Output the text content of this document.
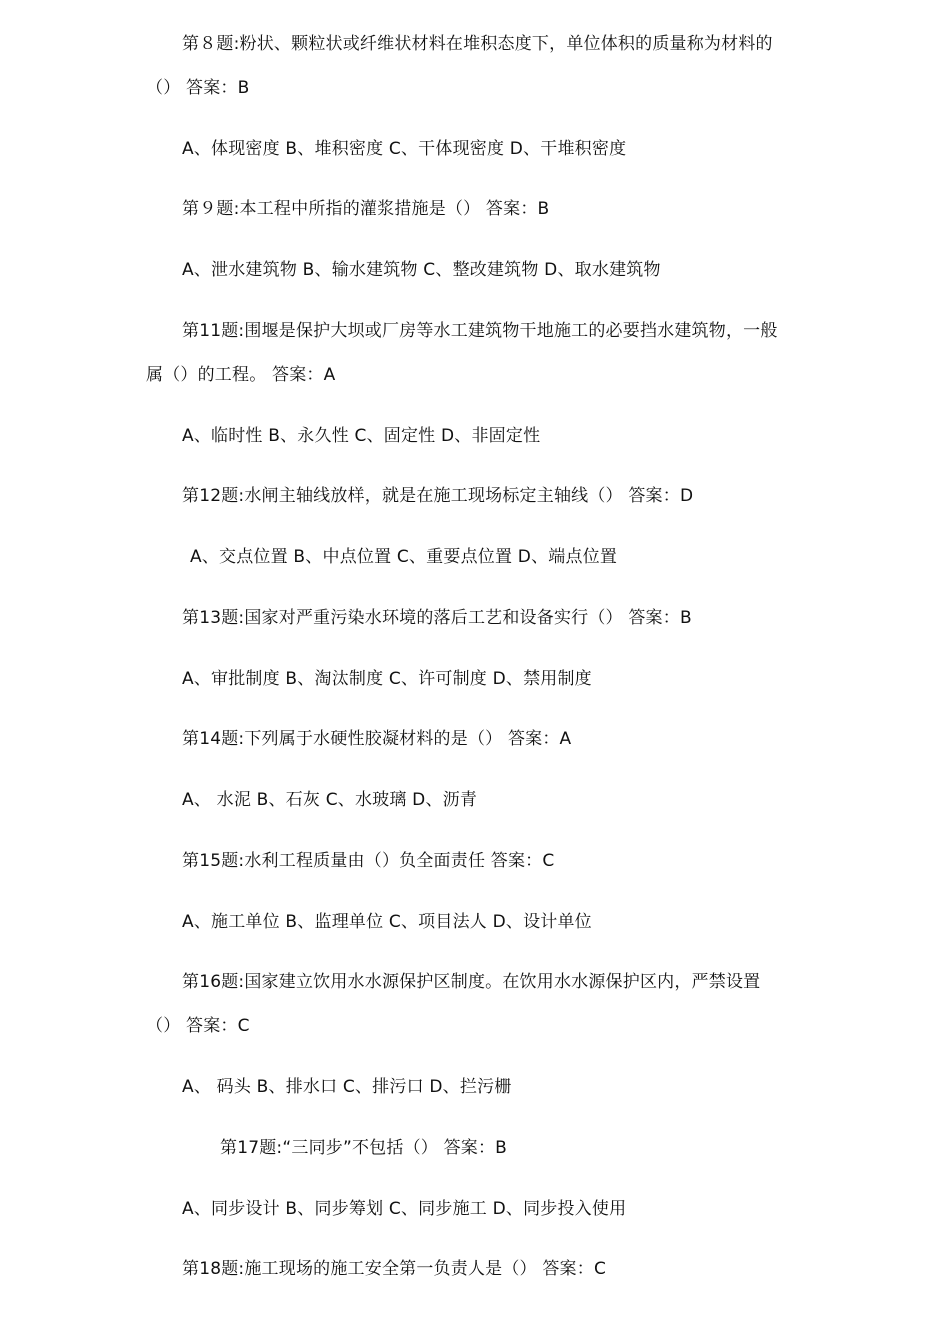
第８题:粉状、颗粒状或纤维状材料在堆积态度下，单位体积的质量称为材料的
（） 答案：B
A、体现密度 B、堆积密度 C、干体现密度 D、干堆积密度
第９题:本工程中所指的灌浆措施是（） 答案：B
A、泄水建筑物 B、输水建筑物 C、整改建筑物 D、取水建筑物
第11题:围堰是保护大坝或厂房等水工建筑物干地施工的必要挡水建筑物，一般
属（）的工程。 答案：A
A、临时性 B、永久性 C、固定性 D、非固定性
第12题:水闸主轴线放样，就是在施工现场标定主轴线（） 答案：D
A、交点位置 B、中点位置 C、重要点位置 D、端点位置
第13题:国家对严重污染水环境的落后工艺和设备实行（） 答案：B
A、审批制度 B、淘汰制度 C、许可制度 D、禁用制度
第14题:下列属于水硬性胶凝材料的是（） 答案：A
A、 水泥 B、石灰 C、水玻璃 D、沥青
第15题:水利工程质量由（）负全面责任 答案：C
A、施工单位 B、监理单位 C、项目法人 D、设计单位
第16题:国家建立饮用水水源保护区制度。在饮用水水源保护区内，严禁设置
（） 答案：C
A、 码头 B、排水口 C、排污口 D、拦污栅
第17题:“三同步”不包括（） 答案：B
A、同步设计 B、同步筹划 C、同步施工 D、同步投入使用
第18题:施工现场的施工安全第一负责人是（） 答案：C
